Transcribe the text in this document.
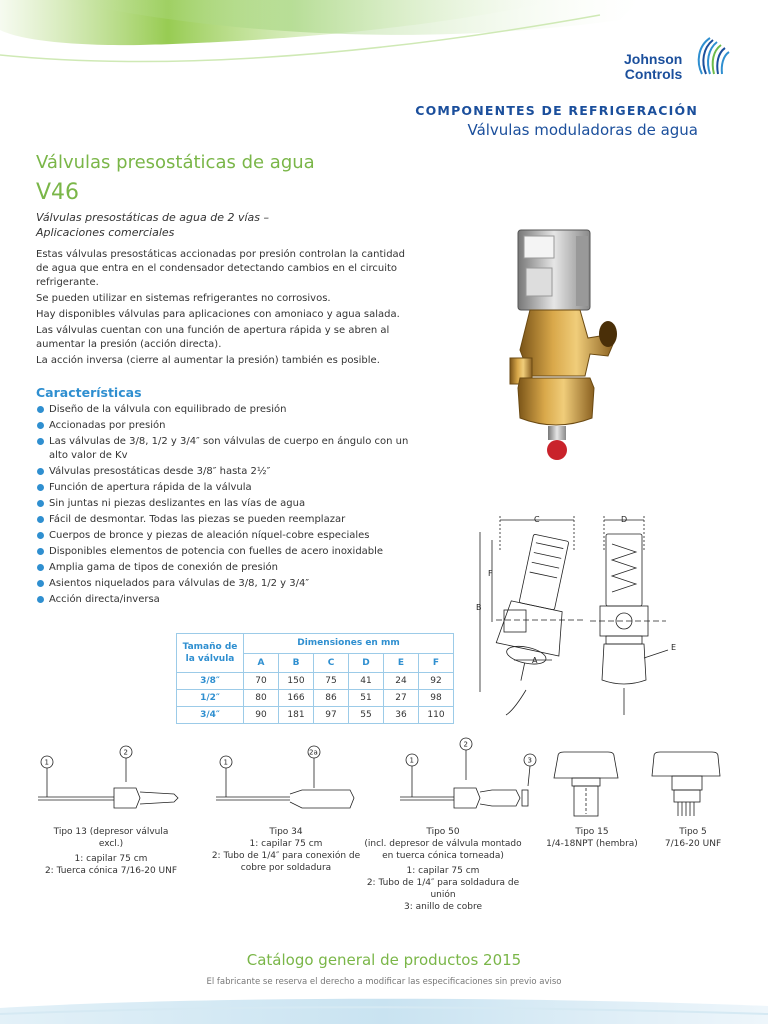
Johnson
Controls
COMPONENTES DE REFRIGERACIÓN
Válvulas moduladoras de agua
Válvulas presostáticas de agua
V46
Válvulas presostáticas de agua de 2 vías –
Aplicaciones comerciales
Estas válvulas presostáticas accionadas por presión controlan la cantidad de agua que entra en el condensador detectando cambios en el circuito refrigerante.
Se pueden utilizar en sistemas refrigerantes no corrosivos.
Hay disponibles válvulas para aplicaciones con amoniaco y agua salada.
Las válvulas cuentan con una función de apertura rápida y se abren al aumentar la presión (acción directa).
La acción inversa (cierre al aumentar la presión) también es posible.
Características
Diseño de la válvula con equilibrado de presión
Accionadas por presión
Las válvulas de 3/8, 1/2 y 3/4″ son válvulas de cuerpo en ángulo con un alto valor de Kv
Válvulas presostáticas desde 3/8″ hasta 2½″
Función de apertura rápida de la válvula
Sin juntas ni piezas deslizantes en las vías de agua
Fácil de desmontar. Todas las piezas se pueden reemplazar
Cuerpos de bronce y piezas de aleación níquel-cobre especiales
Disponibles elementos de potencia con fuelles de acero inoxidable
Amplia gama de tipos de conexión de presión
Asientos niquelados para válvulas de 3/8, 1/2 y 3/4″
Acción directa/inversa
Tamaño de
la válvula	Dimensiones en mm					
	A	B	C	D	E	F
3/8″	70	150	75	41	24	92
1/2″	80	166	86	51	27	98
3/4″	90	181	97	55	36	110
C
B
F
A
D
E
1
2
1
2a
1
2
3
Tipo 13 (depresor válvula
excl.)
1: capilar 75 cm
2: Tuerca cónica 7/16-20 UNF
Tipo 34
1: capilar 75 cm
2: Tubo de 1/4″ para conexión de
cobre por soldadura
Tipo 50
(incl. depresor de válvula montado
en tuerca cónica torneada)
1: capilar 75 cm
2: Tubo de 1/4″ para soldadura de
unión
3: anillo de cobre
Tipo 15
1/4-18NPT (hembra)
Tipo 5
7/16-20 UNF
Catálogo general de productos 2015
El fabricante se reserva el derecho a modificar las especificaciones sin previo aviso
